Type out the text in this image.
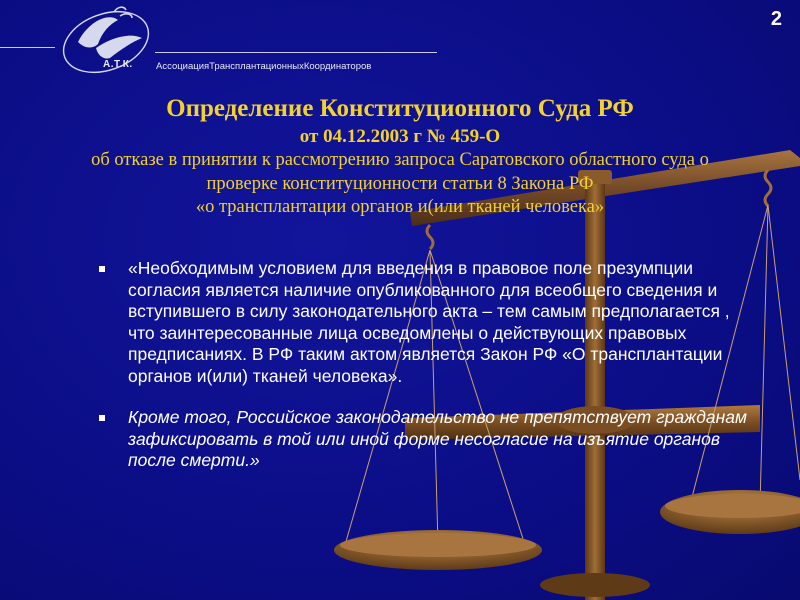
А.Т.К. АссоциацияТрансплантационныхКоординаторов
2
Определение Конституционного Суда РФ
от 04.12.2003 г № 459-О
об отказе в принятии к рассмотрению запроса Саратовского областного суда о
проверке конституционности статьи 8 Закона РФ
«о трансплантации органов и(или тканей человека»
«Необходимым условием для введения в правовое поле презумпции согласия является наличие опубликованного для всеобщего сведения и вступившего в силу законодательного акта – тем самым предполагается , что заинтересованные лица осведомлены о действующих правовых предписаниях. В РФ таким актом является Закон РФ «О трансплантации органов и(или) тканей человека».
Кроме того, Российское законодательство не препятствует гражданам зафиксировать в той или иной форме несогласие на изъятие органов после смерти.»
